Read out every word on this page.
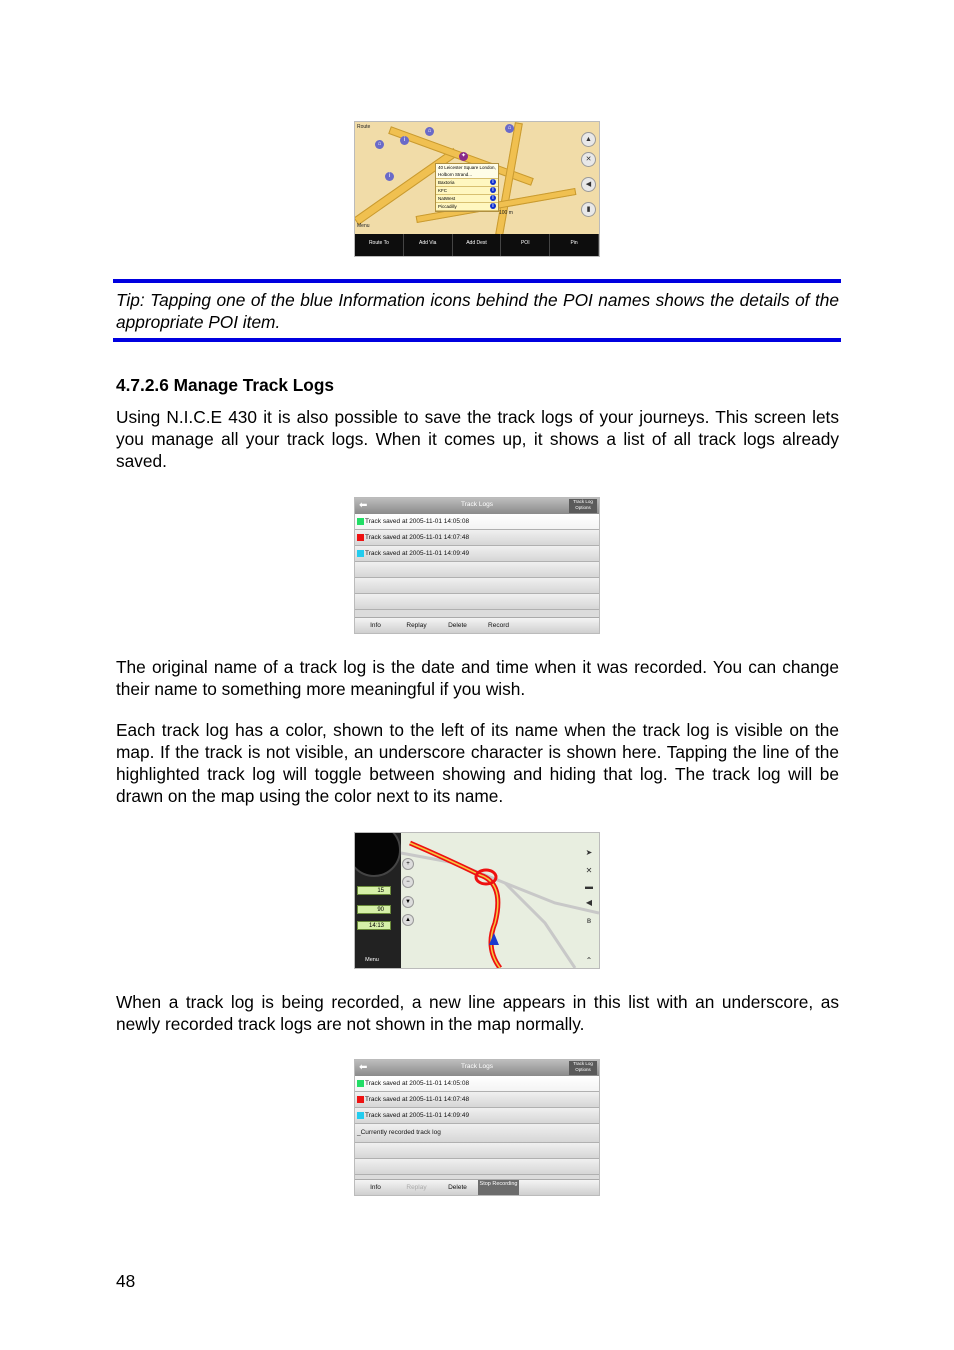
Route
Menu
⌂
i
⌂
✦
⌂
i
▲
✕
◀
▮
40 Leicester Square London, Holborn Strand...
Baxtoria	i
KFC	i
NatWest	i
Piccadilly	i
100 m
Route To	Add Via	Add Dest	POI	Pin

Tip: Tapping one of the blue Information icons behind the POI names shows the details of the appropriate POI item.

4.7.2.6 Manage Track Logs

Using N.I.C.E 430 it is also possible to save the track logs of your journeys. This screen lets you manage all your track logs. When it comes up, it shows a list of all track logs already saved.

⬅	Track Logs	Track Log Options
Track saved at 2005-11-01 14:05:08
Track saved at 2005-11-01 14:07:48
Track saved at 2005-11-01 14:09:49
Info	Replay	Delete	Record

The original name of a track log is the date and time when it was recorded. You can change their name to something more meaningful if you wish.

Each track log has a color, shown to the left of its name when the track log is visible on the map. If the track is not visible, an underscore character is shown here. Tapping the line of the highlighted track log will toggle between showing and hiding that log. The track log will be drawn on the map using the color next to its name.

15
90
14:13
Menu
+
−
▼
▲
➤
✕
▬
◀
ʙ
⌃

When a track log is being recorded, a new line appears in this list with an underscore, as newly recorded track logs are not shown in the map normally.

⬅	Track Logs	Track Log Options
Track saved at 2005-11-01 14:05:08
Track saved at 2005-11-01 14:07:48
Track saved at 2005-11-01 14:09:49
_Currently recorded track log
Info	Replay	Delete	Stop Recording
48
